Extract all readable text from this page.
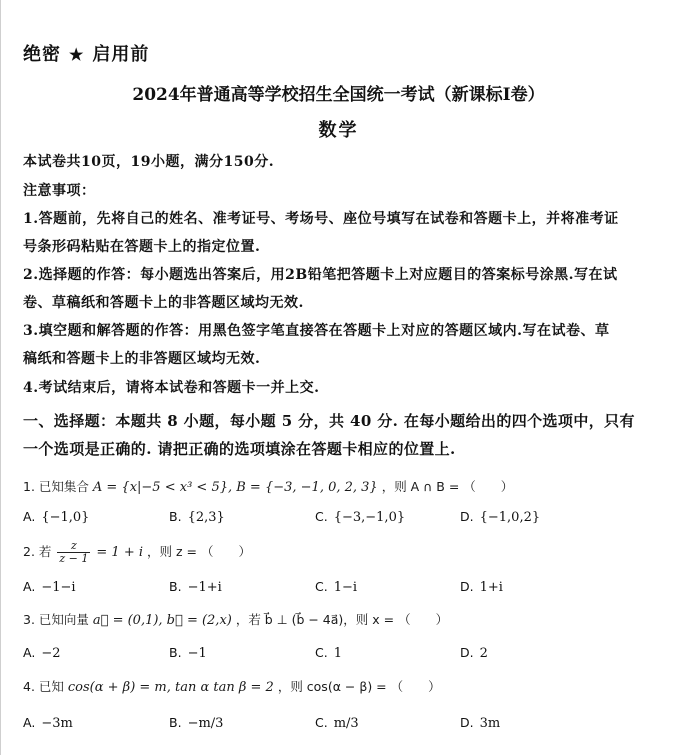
绝密 ★ 启用前
2024年普通高等学校招生全国统一考试（新课标I卷）
数学
本试卷共10页，19小题，满分150分.
注意事项：
1.答题前，先将自己的姓名、准考证号、考场号、座位号填写在试卷和答题卡上，并将准考证
号条形码粘贴在答题卡上的指定位置.
2.选择题的作答：每小题选出答案后，用2B铅笔把答题卡上对应题目的答案标号涂黑.写在试
卷、草稿纸和答题卡上的非答题区域均无效.
3.填空题和解答题的作答：用黑色签字笔直接答在答题卡上对应的答题区域内.写在试卷、草
稿纸和答题卡上的非答题区域均无效.
4.考试结束后，请将本试卷和答题卡一并上交.
一、选择题：本题共 8 小题，每小题 5 分，共 40 分. 在每小题给出的四个选项中，只有
一个选项是正确的. 请把正确的选项填涂在答题卡相应的位置上.
1. 已知集合 A = {x|−5 < x³ < 5}, B = {−3, −1, 0, 2, 3} ，则 A ∩ B = （　　）
A. {−1,0}	B. {2,3}	C. {−3,−1,0}	D. {−1,0,2}
2. 若 $\frac{z}{z - 1} = 1 + i$ ，则 z = （　　）
A. −1−i	B. −1+i	C. 1−i	D. 1+i
3. 已知向量 a⃗ = (0,1), b⃗ = (2,x) ，若 b⃗ ⊥ (b⃗ − 4a⃗)，则 x = （　　）
A. −2	B. −1	C. 1	D. 2
4. 已知 cos(α + β) = m, tan α tan β = 2 ，则 cos(α − β) = （　　）
A. −3m	B. −m/3	C. m/3	D. 3m
